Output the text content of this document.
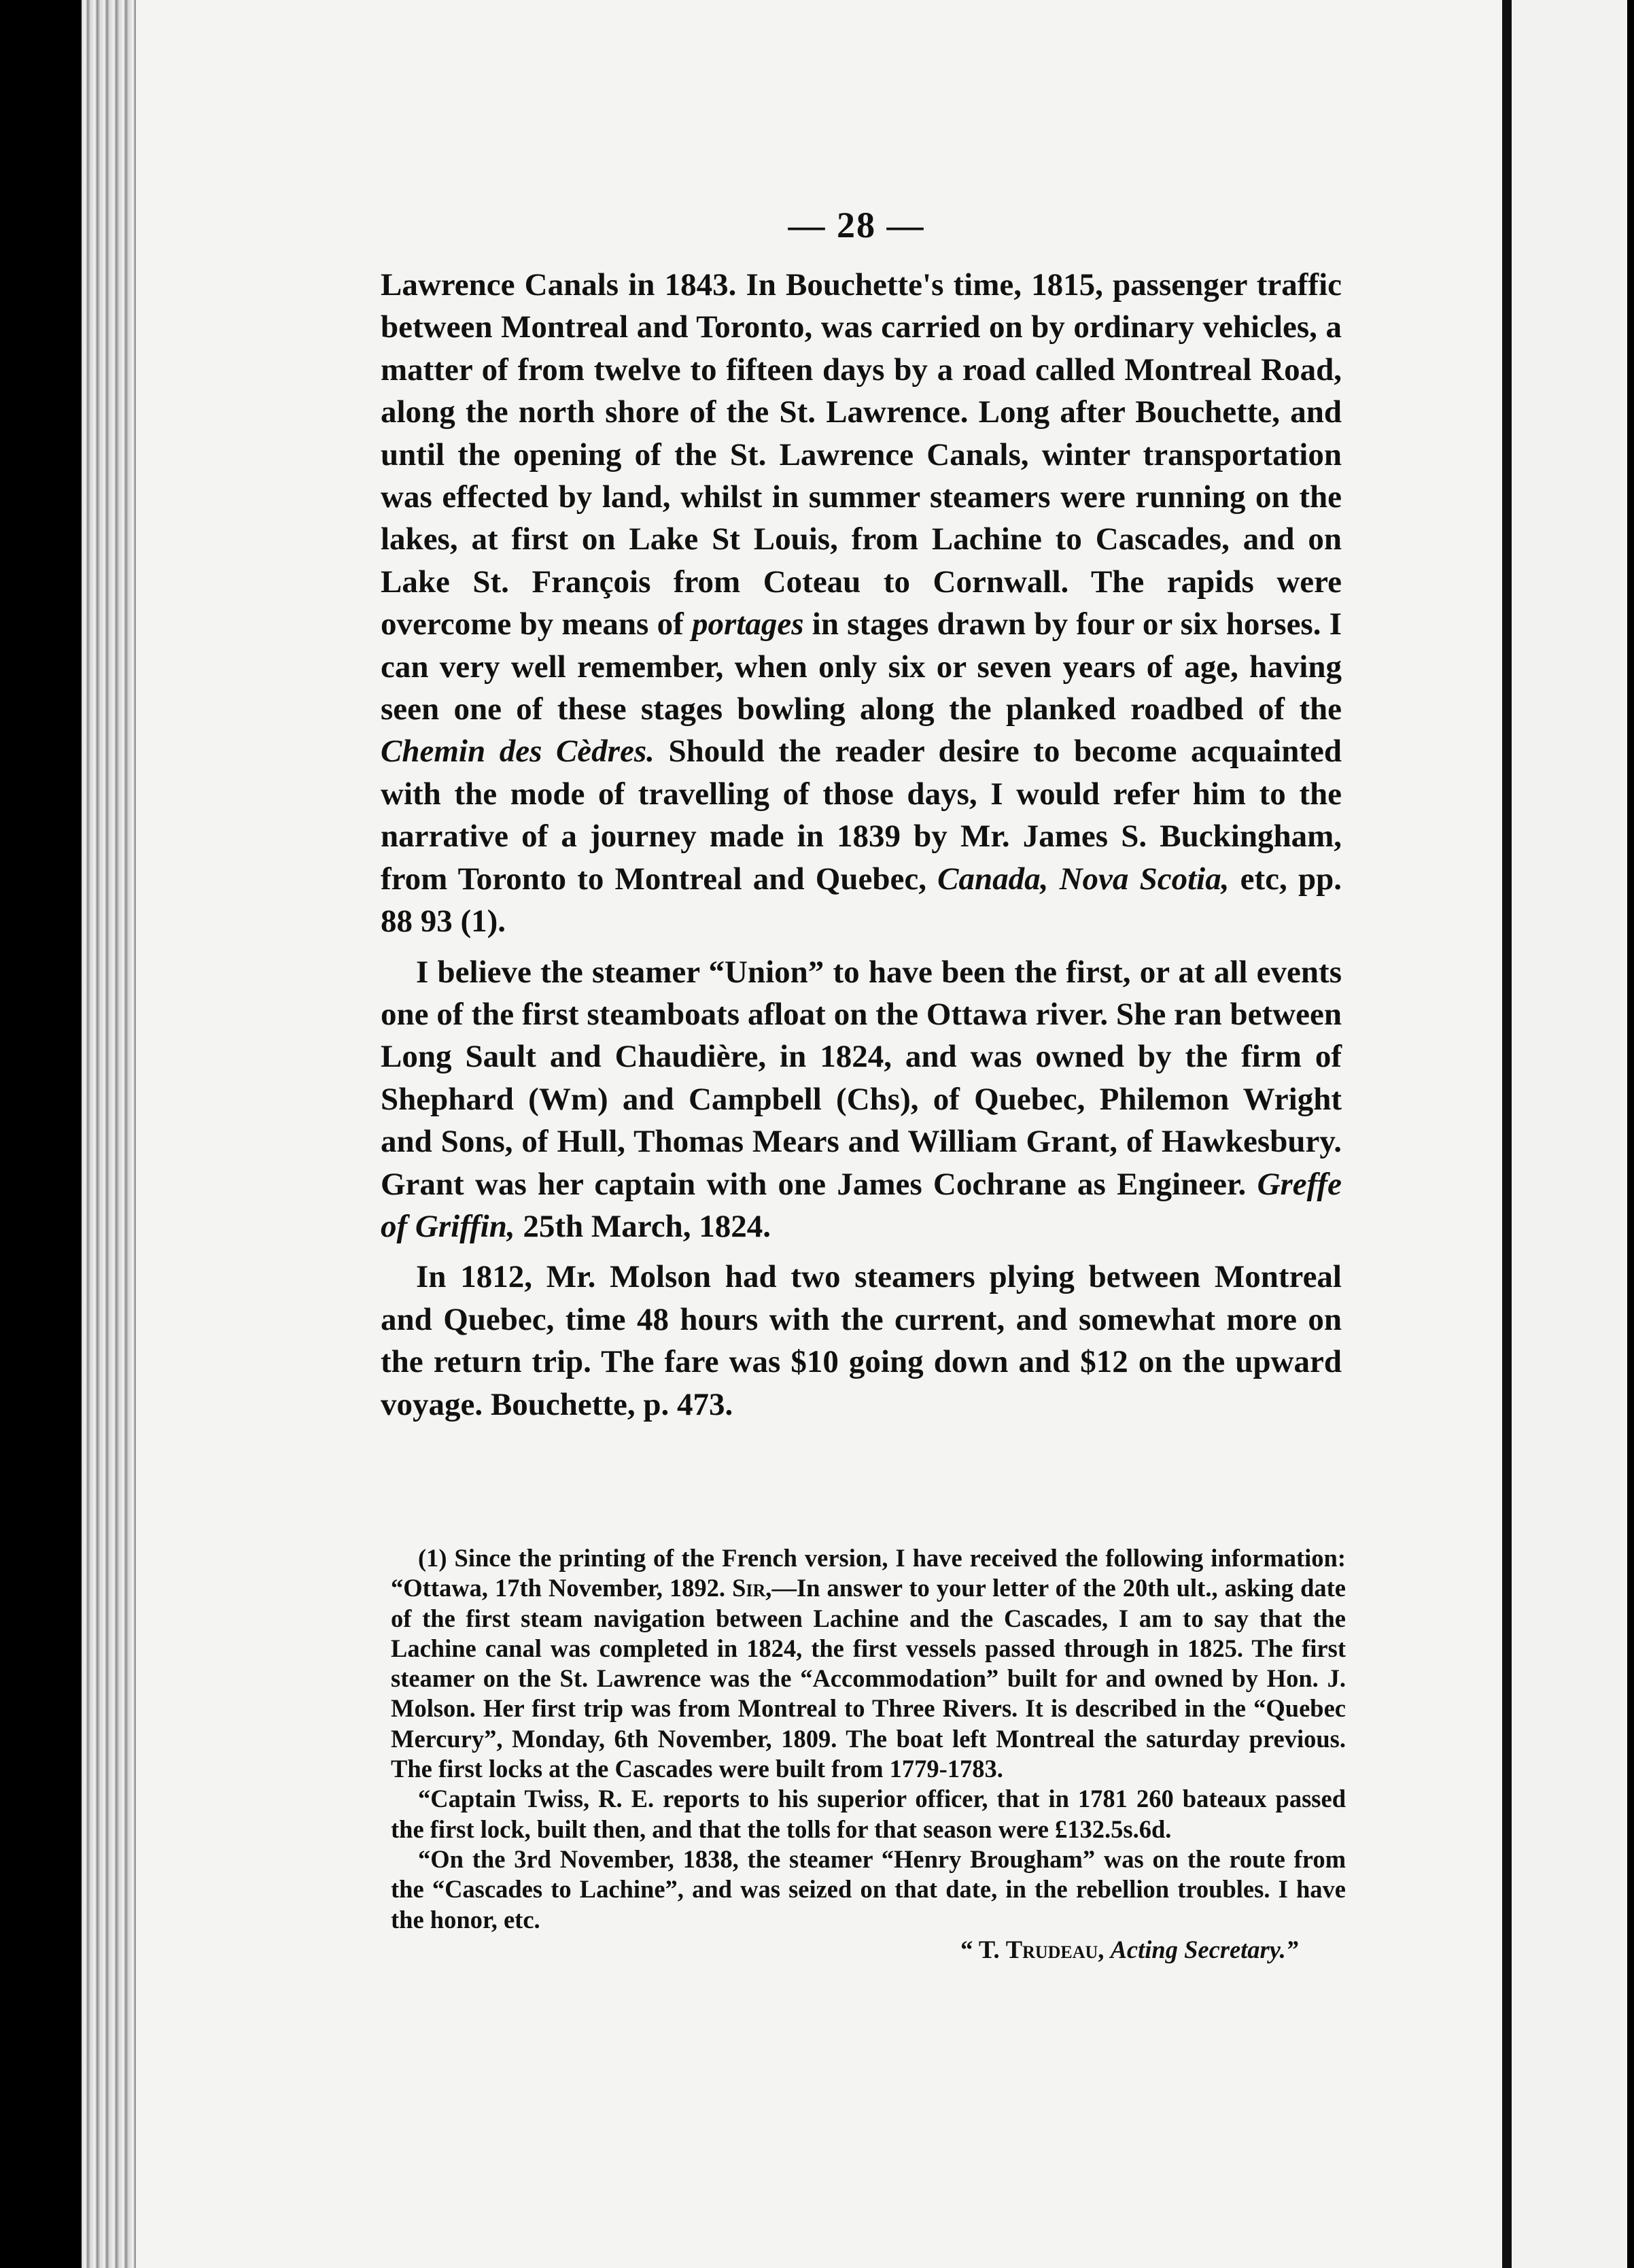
— 28 —

Lawrence Canals in 1843. In Bouchette's time, 1815, passenger traffic between Montreal and Toronto, was carried on by ordinary vehicles, a matter of from twelve to fifteen days by a road called Montreal Road, along the north shore of the St. Lawrence. Long after Bouchette, and until the opening of the St. Lawrence Canals, winter transportation was effected by land, whilst in summer steamers were running on the lakes, at first on Lake St Louis, from Lachine to Cascades, and on Lake St. François from Coteau to Cornwall. The rapids were overcome by means of portages in stages drawn by four or six horses. I can very well remember, when only six or seven years of age, having seen one of these stages bowling along the planked roadbed of the Chemin des Cèdres. Should the reader desire to become acquainted with the mode of travelling of those days, I would refer him to the narrative of a journey made in 1839 by Mr. James S. Buckingham, from Toronto to Montreal and Quebec, Canada, Nova Scotia, etc, pp. 88 93 (1).

I believe the steamer “Union” to have been the first, or at all events one of the first steamboats afloat on the Ottawa river. She ran between Long Sault and Chaudière, in 1824, and was owned by the firm of Shephard (Wm) and Campbell (Chs), of Quebec, Philemon Wright and Sons, of Hull, Thomas Mears and William Grant, of Hawkesbury. Grant was her captain with one James Cochrane as Engineer. Greffe of Griffin, 25th March, 1824.

In 1812, Mr. Molson had two steamers plying between Montreal and Quebec, time 48 hours with the current, and somewhat more on the return trip. The fare was $10 going down and $12 on the upward voyage. Bouchette, p. 473.

(1) Since the printing of the French version, I have received the following information: “Ottawa, 17th November, 1892. Sir,—In answer to your letter of the 20th ult., asking date of the first steam navigation between Lachine and the Cascades, I am to say that the Lachine canal was completed in 1824, the first vessels passed through in 1825. The first steamer on the St. Lawrence was the “Accommodation” built for and owned by Hon. J. Molson. Her first trip was from Montreal to Three Rivers. It is described in the “Quebec Mercury”, Monday, 6th November, 1809. The boat left Montreal the saturday previous. The first locks at the Cascades were built from 1779-1783.

“Captain Twiss, R. E. reports to his superior officer, that in 1781 260 bateaux passed the first lock, built then, and that the tolls for that season were £132.5s.6d.

“On the 3rd November, 1838, the steamer “Henry Brougham” was on the route from the “Cascades to Lachine”, and was seized on that date, in the rebellion troubles. I have the honor, etc.

“ T. Trudeau, Acting Secretary.”
